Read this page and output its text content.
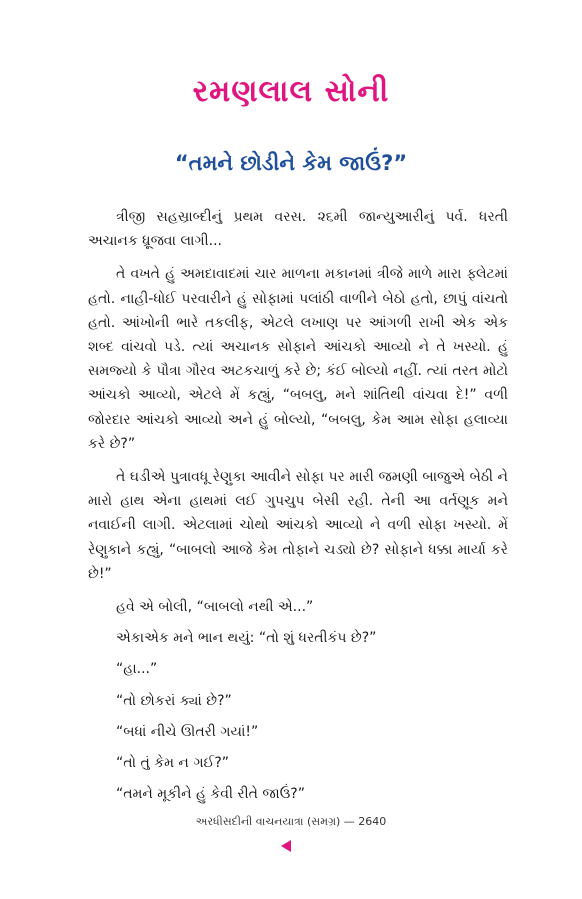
રમણલાલ સોની
“તમને છોડીને કેમ જાઉં?”

ત્રીજી સહસ્રાબ્દીનું પ્રથમ વરસ. ૨૬મી જાન્યુઆરીનું પર્વ. ધરતી અચાનક ધ્રૂજવા લાગી...

તે વખતે હું અમદાવાદમાં ચાર માળના મકાનમાં ત્રીજે માળે મારા ફ્લેટમાં હતો. નાહી-ધોઈ પરવારીને હું સોફામાં પલાંઠી વાળીને બેઠો હતો, છાપું વાંચતો હતો. આંખોની ભારે તકલીફ, એટલે લખાણ પર આંગળી રાખી એક એક શબ્દ વાંચવો પડે. ત્યાં અચાનક સોફાને આંચકો આવ્યો ને તે ખસ્યો. હું સમજ્યો કે પૌત્રા ગૌરવ અટકચાળું કરે છે; કંઈ બોલ્યો નહીં. ત્યાં તરત મોટો આંચકો આવ્યો, એટલે મેં કહ્યું, “બબલુ, મને શાંતિથી વાંચવા દે!” વળી જોરદાર આંચકો આવ્યો અને હું બોલ્યો, “બબલુ, કેમ આમ સોફા હલાવ્યા કરે છે?”

તે ઘડીએ પુત્રાવધૂ રેણુકા આવીને સોફા પર મારી જમણી બાજુએ બેઠી ને મારો હાથ એના હાથમાં લઈ ગુપચુપ બેસી રહી. તેની આ વર્તણૂક મને નવાઈની લાગી. એટલામાં ચોથો આંચકો આવ્યો ને વળી સોફા ખસ્યો. મેં રેણુકાને કહ્યું, “બાબલો આજે કેમ તોફાને ચડ્યો છે? સોફાને ધક્કા માર્યા કરે છે!”

હવે એ બોલી, “બાબલો નથી એ...”

એકાએક મને ભાન થયું: “તો શું ધરતીકંપ છે?”

“હા...”

“તો છોકરાં ક્યાં છે?”

“બધાં નીચે ઊતરી ગયાં!”

“તો તું કેમ ન ગઈ?”

“તમને મૂકીને હું કેવી રીતે જાઉં?”

અરધીસદીની વાચનયાત્રા (સમગ્ર) — 2640
